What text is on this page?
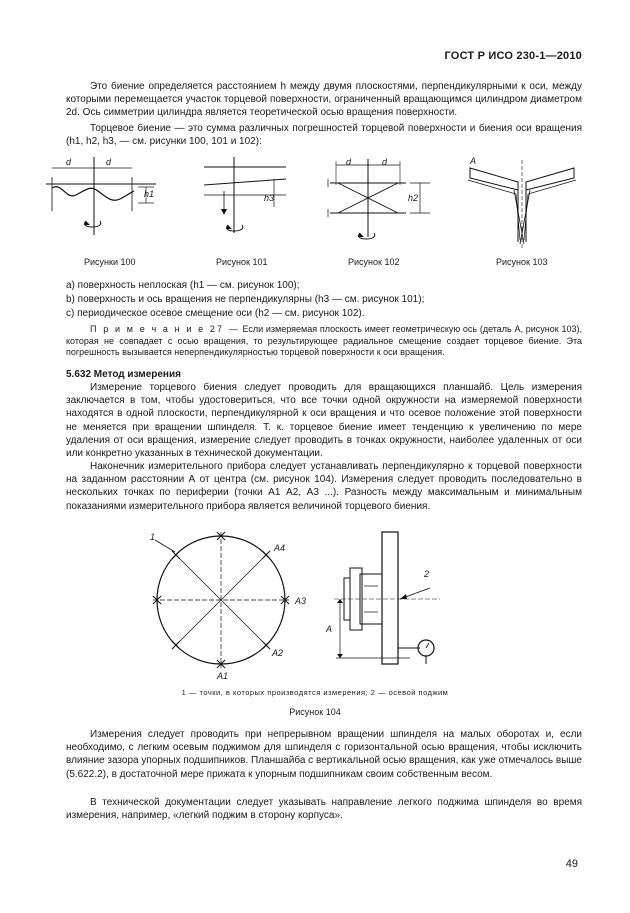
ГОСТ Р ИСО 230-1—2010
Это биение определяется расстоянием h между двумя плоскостями, перпендикулярными к оси, между которыми перемещается участок торцевой поверхности, ограниченный вращающимся цилиндром диаметром 2d. Ось симметрии цилиндра является теоретической осью вращения поверхности.
Торцевое биение — это сумма различных погрешностей торцевой поверхности и биения оси вращения (h1, h2, h3, — см. рисунки 100, 101 и 102):
d	d
h1	h3
d	d
h2
A
Рисунки 100	Рисунок 101	Рисунок 102	Рисунок 103
a) поверхность неплоская (h1 — см. рисунок 100);
b) поверхность и ось вращения не перпендикулярны (h3 — см. рисунок 101);
c) периодическое осевое смещение оси (h2 — см. рисунок 102).
П р и м е ч а н и е 27 — Если измеряемая плоскость имеет геометрическую ось (деталь А, рисунок 103), которая не совпадает с осью вращения, то результирующее радиальное смещение создает торцевое биение. Эта погрешность вызывается неперпендикулярностью торцевой поверхности к оси вращения.
5.632 Метод измерения
Измерение торцевого биения следует проводить для вращающихся планшайб. Цель измерения заключается в том, чтобы удостовериться, что все точки одной окружности на измеряемой поверхности находятся в одной плоскости, перпендикулярной к оси вращения и что осевое положение этой поверхности не меняется при вращении шпинделя. Т. к. торцевое биение имеет тенденцию к увеличению по мере удаления от оси вращения, измерение следует проводить в точках окружности, наиболее удаленных от оси или конкретно указанных в технической документации.
Наконечник измерительного прибора следует устанавливать перпендикулярно к торцевой поверхности на заданном расстоянии А от центра (см. рисунок 104). Измерения следует проводить последовательно в нескольких точках по периферии (точки А1 А2, А3 ...). Разность между максимальным и минимальным показаниями измерительного прибора является величиной торцевого биения.
1
A4
A3
A2
A1
2
A
1 — точки, в которых производятся измерения; 2 — осевой поджим
Рисунок 104
Измерения следует проводить при непрерывном вращении шпинделя на малых оборотах и, если необходимо, с легким осевым поджимом для шпинделя с горизонтальной осью вращения, чтобы исключить влияние зазора упорных подшипников. Планшайба с вертикальной осью вращения, как уже отмечалось выше (5.622.2), в достаточной мере прижата к упорным подшипникам своим собственным весом.
В технической документации следует указывать направление легкого поджима шпинделя во время измерения, например, «легкий поджим в сторону корпуса».
49
